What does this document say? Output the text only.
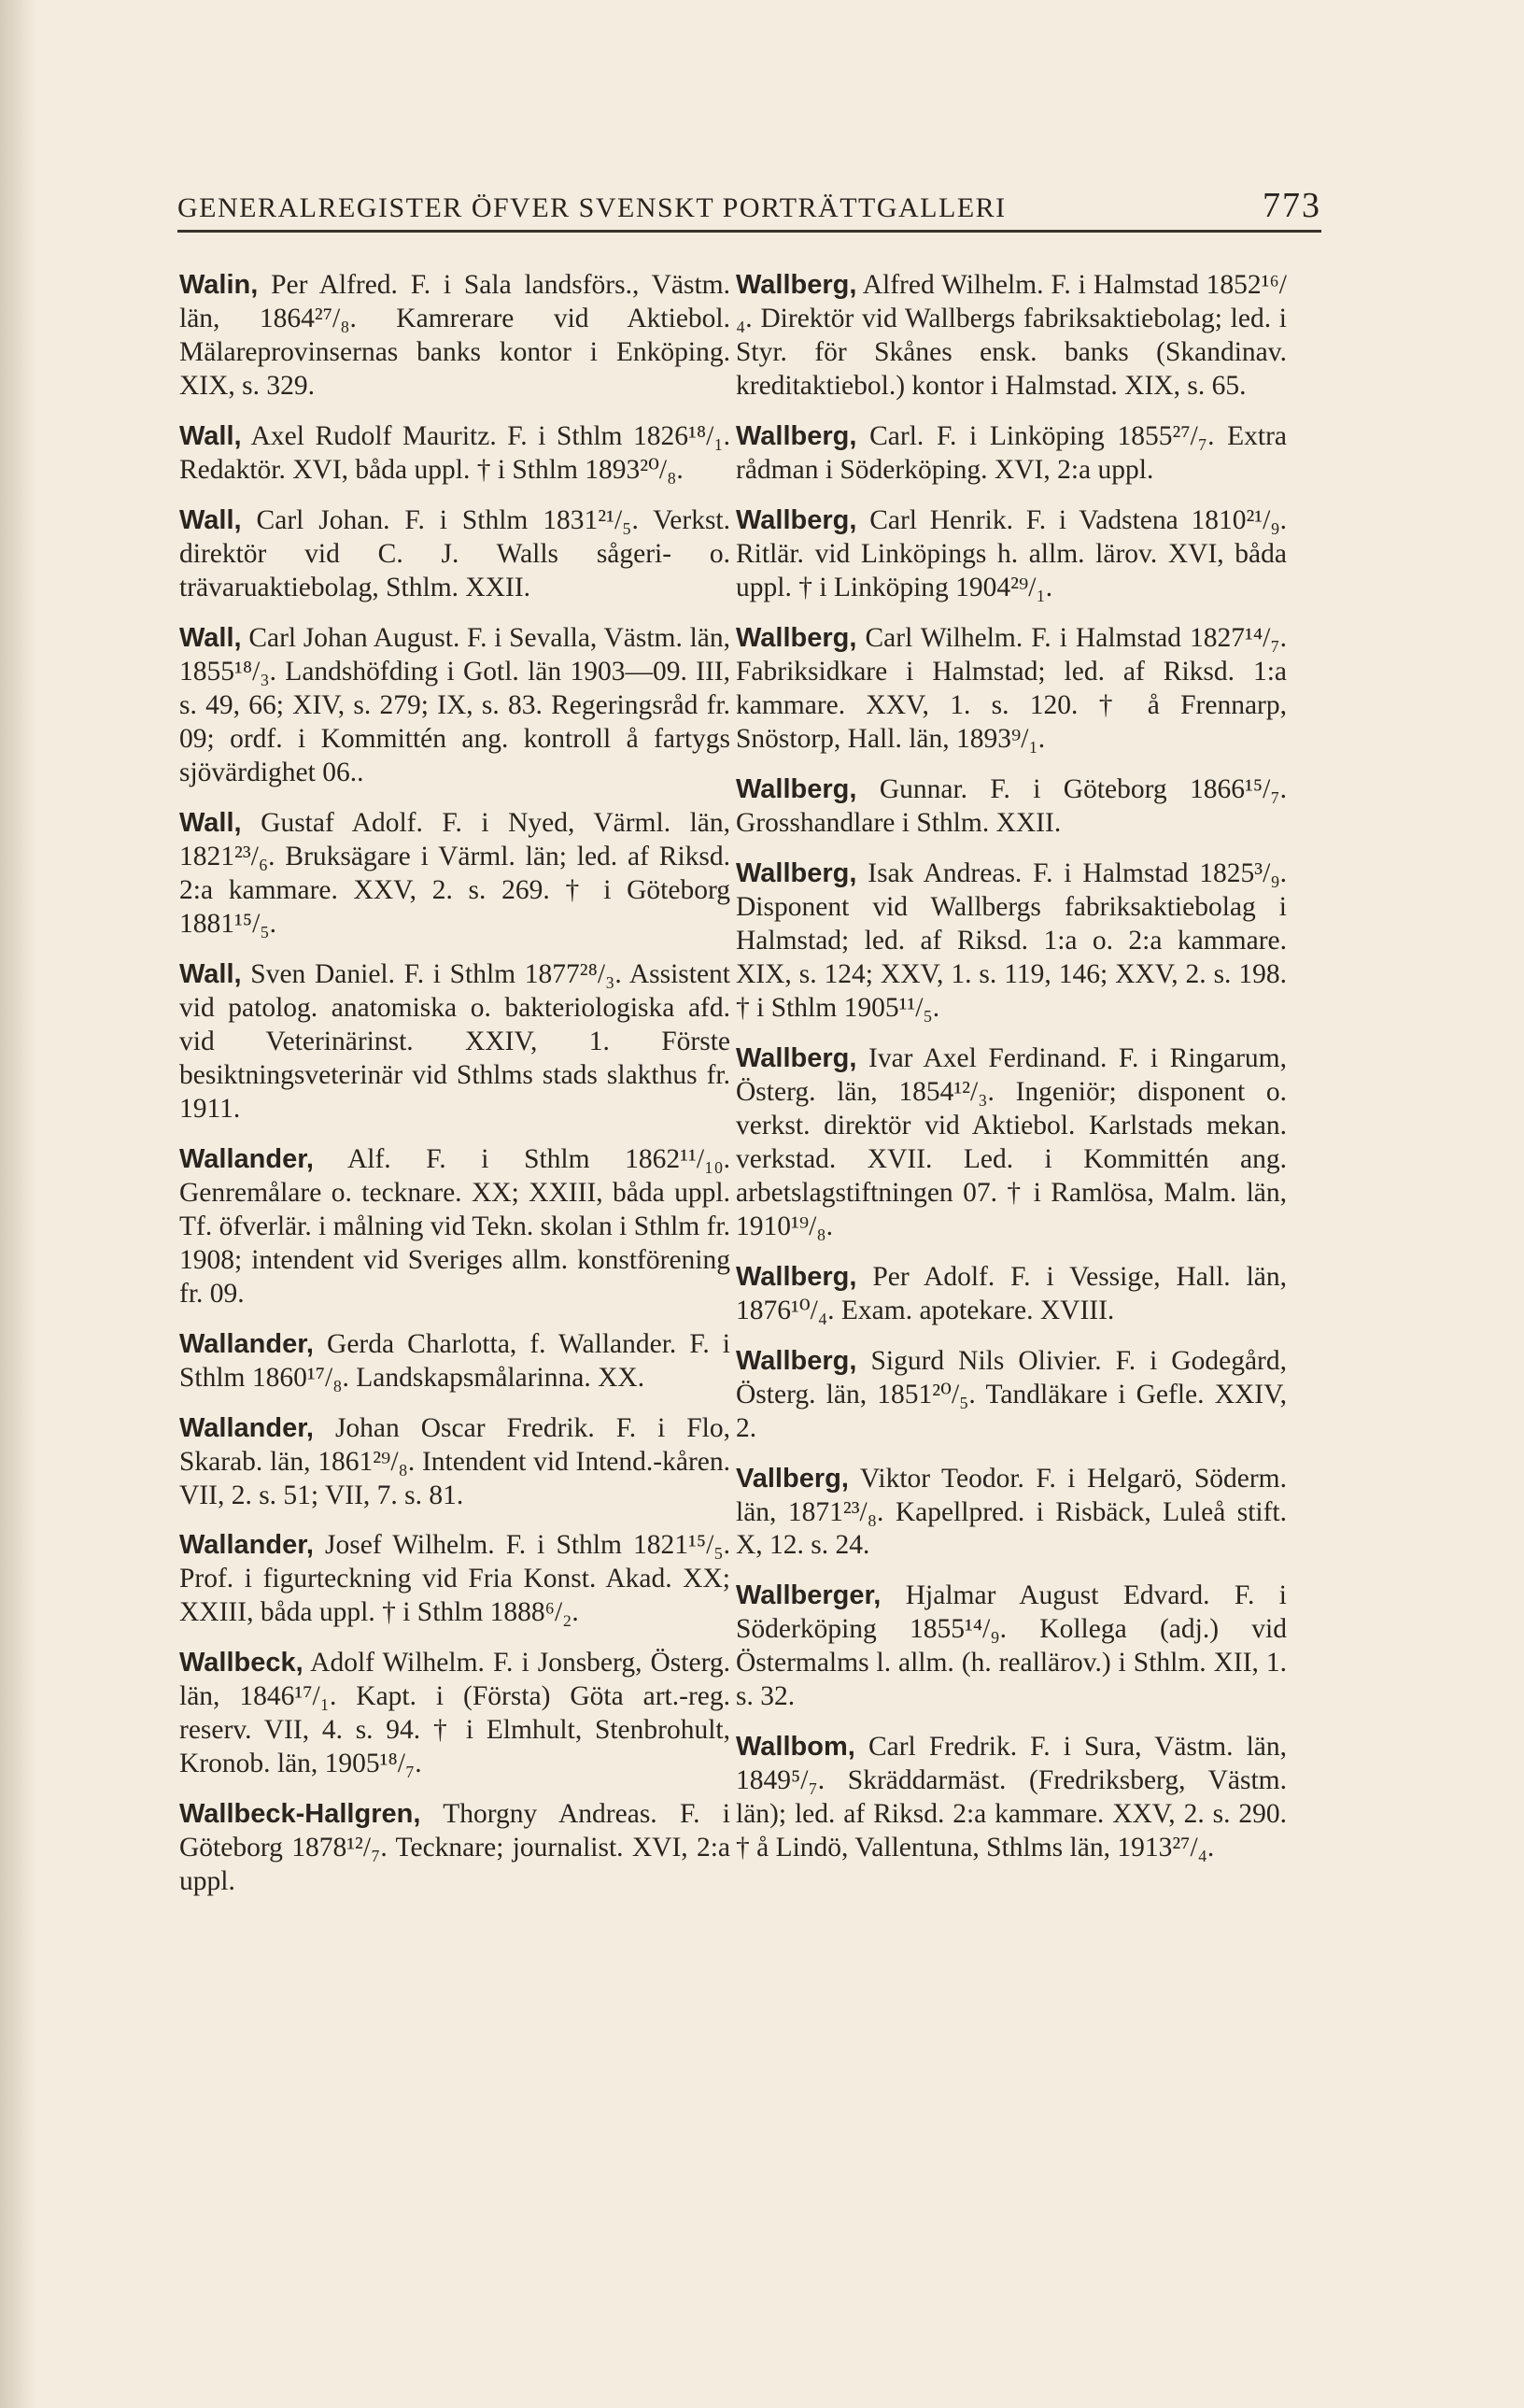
GENERALREGISTER ÖFVER SVENSKT PORTRÄTTGALLERI	773

Walin, Per Alfred. F. i Sala landsförs., Västm. län, 1864²⁷/₈. Kamrerare vid Aktiebol. Mälareprovinsernas banks kontor i Enköping. XIX, s. 329.

Wall, Axel Rudolf Mauritz. F. i Sthlm 1826¹⁸/₁. Redaktör. XVI, båda uppl. † i Sthlm 1893²⁰/₈.

Wall, Carl Johan. F. i Sthlm 1831²¹/₅. Verkst. direktör vid C. J. Walls sågeri- o. trävaruaktiebolag, Sthlm. XXII.

Wall, Carl Johan August. F. i Sevalla, Västm. län, 1855¹⁸/₃. Landshöfding i Gotl. län 1903—09. III, s. 49, 66; XIV, s. 279; IX, s. 83. Regeringsråd fr. 09; ordf. i Kommittén ang. kontroll å fartygs sjövärdighet 06..

Wall, Gustaf Adolf. F. i Nyed, Värml. län, 1821²³/₆. Bruksägare i Värml. län; led. af Riksd. 2:a kammare. XXV, 2. s. 269. † i Göteborg 1881¹⁵/₅.

Wall, Sven Daniel. F. i Sthlm 1877²⁸/₃. Assistent vid patolog. anatomiska o. bakteriologiska afd. vid Veterinärinst. XXIV, 1. Förste besiktningsveterinär vid Sthlms stads slakthus fr. 1911.

Wallander, Alf. F. i Sthlm 1862¹¹/₁₀. Genremålare o. tecknare. XX; XXIII, båda uppl. Tf. öfverlär. i målning vid Tekn. skolan i Sthlm fr. 1908; intendent vid Sveriges allm. konstförening fr. 09.

Wallander, Gerda Charlotta, f. Wallander. F. i Sthlm 1860¹⁷/₈. Landskapsmålarinna. XX.

Wallander, Johan Oscar Fredrik. F. i Flo, Skarab. län, 1861²⁹/₈. Intendent vid Intend.-kåren. VII, 2. s. 51; VII, 7. s. 81.

Wallander, Josef Wilhelm. F. i Sthlm 1821¹⁵/₅. Prof. i figurteckning vid Fria Konst. Akad. XX; XXIII, båda uppl. † i Sthlm 1888⁶/₂.

Wallbeck, Adolf Wilhelm. F. i Jonsberg, Österg. län, 1846¹⁷/₁. Kapt. i (Första) Göta art.-reg. reserv. VII, 4. s. 94. † i Elmhult, Stenbrohult, Kronob. län, 1905¹⁸/₇.

Wallbeck-Hallgren, Thorgny Andreas. F. i Göteborg 1878¹²/₇. Tecknare; journalist. XVI, 2:a uppl.

Wallberg, Alfred Wilhelm. F. i Halmstad 1852¹⁶/₄. Direktör vid Wallbergs fabriksaktiebolag; led. i Styr. för Skånes ensk. banks (Skandinav. kreditaktiebol.) kontor i Halmstad. XIX, s. 65.

Wallberg, Carl. F. i Linköping 1855²⁷/₇. Extra rådman i Söderköping. XVI, 2:a uppl.

Wallberg, Carl Henrik. F. i Vadstena 1810²¹/₉. Ritlär. vid Linköpings h. allm. lärov. XVI, båda uppl. † i Linköping 1904²⁹/₁.

Wallberg, Carl Wilhelm. F. i Halmstad 1827¹⁴/₇. Fabriksidkare i Halmstad; led. af Riksd. 1:a kammare. XXV, 1. s. 120. † å Frennarp, Snöstorp, Hall. län, 1893⁹/₁.

Wallberg, Gunnar. F. i Göteborg 1866¹⁵/₇. Grosshandlare i Sthlm. XXII.

Wallberg, Isak Andreas. F. i Halmstad 1825³/₉. Disponent vid Wallbergs fabriksaktiebolag i Halmstad; led. af Riksd. 1:a o. 2:a kammare. XIX, s. 124; XXV, 1. s. 119, 146; XXV, 2. s. 198. † i Sthlm 1905¹¹/₅.

Wallberg, Ivar Axel Ferdinand. F. i Ringarum, Österg. län, 1854¹²/₃. Ingeniör; disponent o. verkst. direktör vid Aktiebol. Karlstads mekan. verkstad. XVII. Led. i Kommittén ang. arbetslagstiftningen 07. † i Ramlösa, Malm. län, 1910¹⁹/₈.

Wallberg, Per Adolf. F. i Vessige, Hall. län, 1876¹⁰/₄. Exam. apotekare. XVIII.

Wallberg, Sigurd Nils Olivier. F. i Godegård, Österg. län, 1851²⁰/₅. Tandläkare i Gefle. XXIV, 2.

Vallberg, Viktor Teodor. F. i Helgarö, Söderm. län, 1871²³/₈. Kapellpred. i Risbäck, Luleå stift. X, 12. s. 24.

Wallberger, Hjalmar August Edvard. F. i Söderköping 1855¹⁴/₉. Kollega (adj.) vid Östermalms l. allm. (h. reallärov.) i Sthlm. XII, 1. s. 32.

Wallbom, Carl Fredrik. F. i Sura, Västm. län, 1849⁵/₇. Skräddarmäst. (Fredriksberg, Västm. län); led. af Riksd. 2:a kammare. XXV, 2. s. 290. † å Lindö, Vallentuna, Sthlms län, 1913²⁷/₄.
